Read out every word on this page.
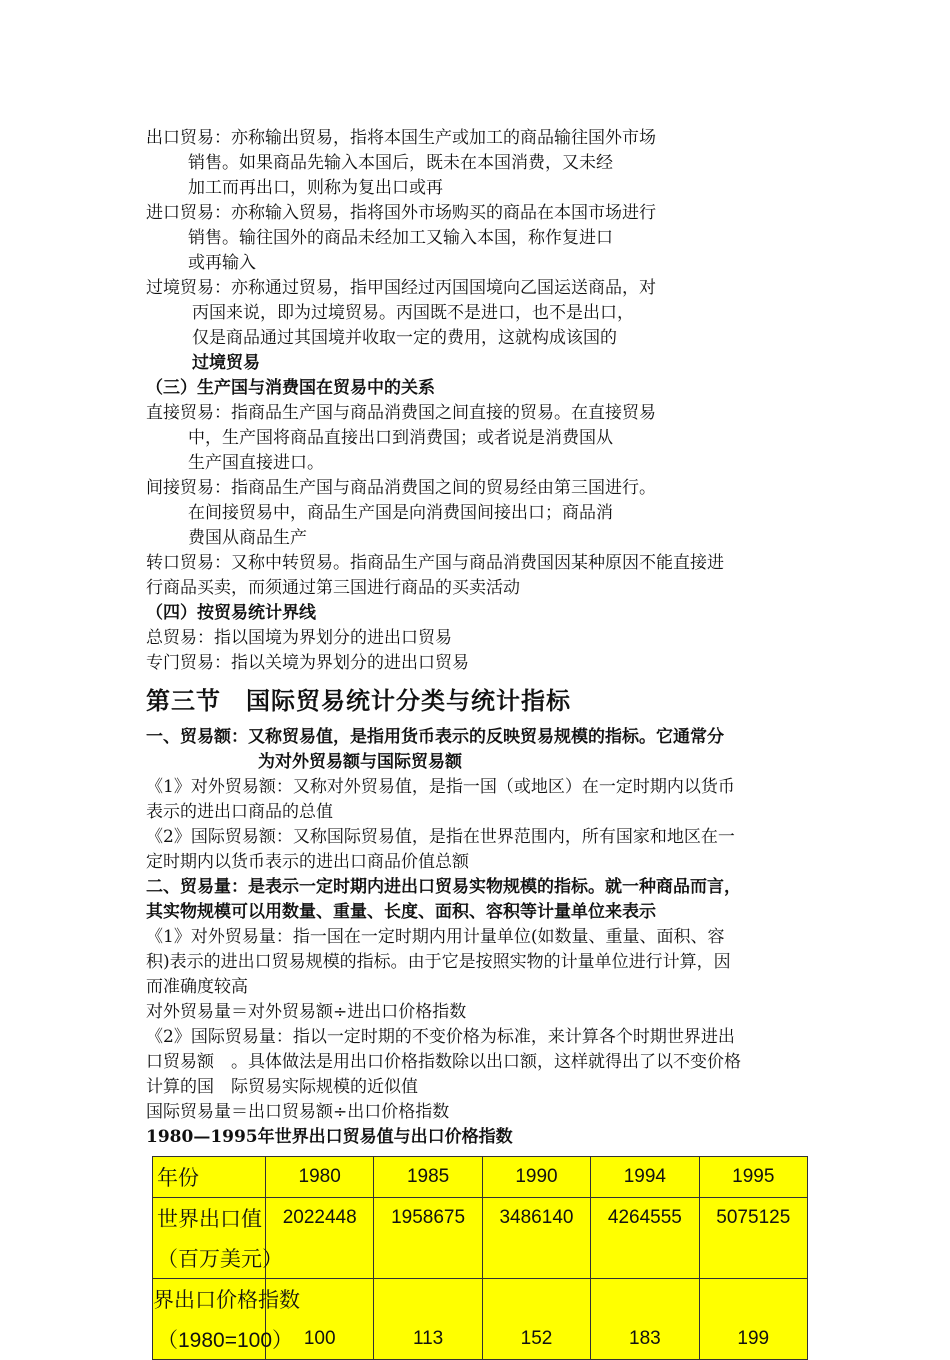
出口贸易：亦称输出贸易，指将本国生产或加工的商品输往国外市场
销售。如果商品先输入本国后，既未在本国消费，又未经
加工而再出口，则称为复出口或再
进口贸易：亦称输入贸易，指将国外市场购买的商品在本国市场进行
销售。输往国外的商品未经加工又输入本国，称作复进口
或再输入
过境贸易：亦称通过贸易，指甲国经过丙国国境向乙国运送商品，对
丙国来说，即为过境贸易。丙国既不是进口，也不是出口，
仅是商品通过其国境并收取一定的费用，这就构成该国的
过境贸易
（三）生产国与消费国在贸易中的关系
直接贸易：指商品生产国与商品消费国之间直接的贸易。在直接贸易
中，生产国将商品直接出口到消费国；或者说是消费国从
生产国直接进口。
间接贸易：指商品生产国与商品消费国之间的贸易经由第三国进行。
在间接贸易中，商品生产国是向消费国间接出口；商品消
费国从商品生产
转口贸易：又称中转贸易。指商品生产国与商品消费国因某种原因不能直接进
行商品买卖，而须通过第三国进行商品的买卖活动
（四）按贸易统计界线
总贸易：指以国境为界划分的进出口贸易
专门贸易：指以关境为界划分的进出口贸易
第三节　国际贸易统计分类与统计指标
一、贸易额：又称贸易值，是指用货币表示的反映贸易规模的指标。它通常分
为对外贸易额与国际贸易额
《1》对外贸易额：又称对外贸易值，是指一国（或地区）在一定时期内以货币
表示的进出口商品的总值
《2》国际贸易额：又称国际贸易值，是指在世界范围内，所有国家和地区在一
定时期内以货币表示的进出口商品价值总额
二、贸易量：是表示一定时期内进出口贸易实物规模的指标。就一种商品而言，
其实物规模可以用数量、重量、长度、面积、容积等计量单位来表示
《1》对外贸易量：指一国在一定时期内用计量单位(如数量、重量、面积、容
积)表示的进出口贸易规模的指标。由于它是按照实物的计量单位进行计算，因
而准确度较高
对外贸易量＝对外贸易额÷进出口价格指数
《2》国际贸易量：指以一定时期的不变价格为标准，来计算各个时期世界进出
口贸易额　。具体做法是用出口价格指数除以出口额，这样就得出了以不变价格
计算的国　际贸易实际规模的近似值
国际贸易量＝出口贸易额÷出口价格指数
1980—1995年世界出口贸易值与出口价格指数
年份	1980	1985	1990	1994	1995
世界出口值	2022448	1958675	3486140	4264555	5075125
（百万美元）					
界出口价格指数					
（1980=100）	100	113	152	183	199
